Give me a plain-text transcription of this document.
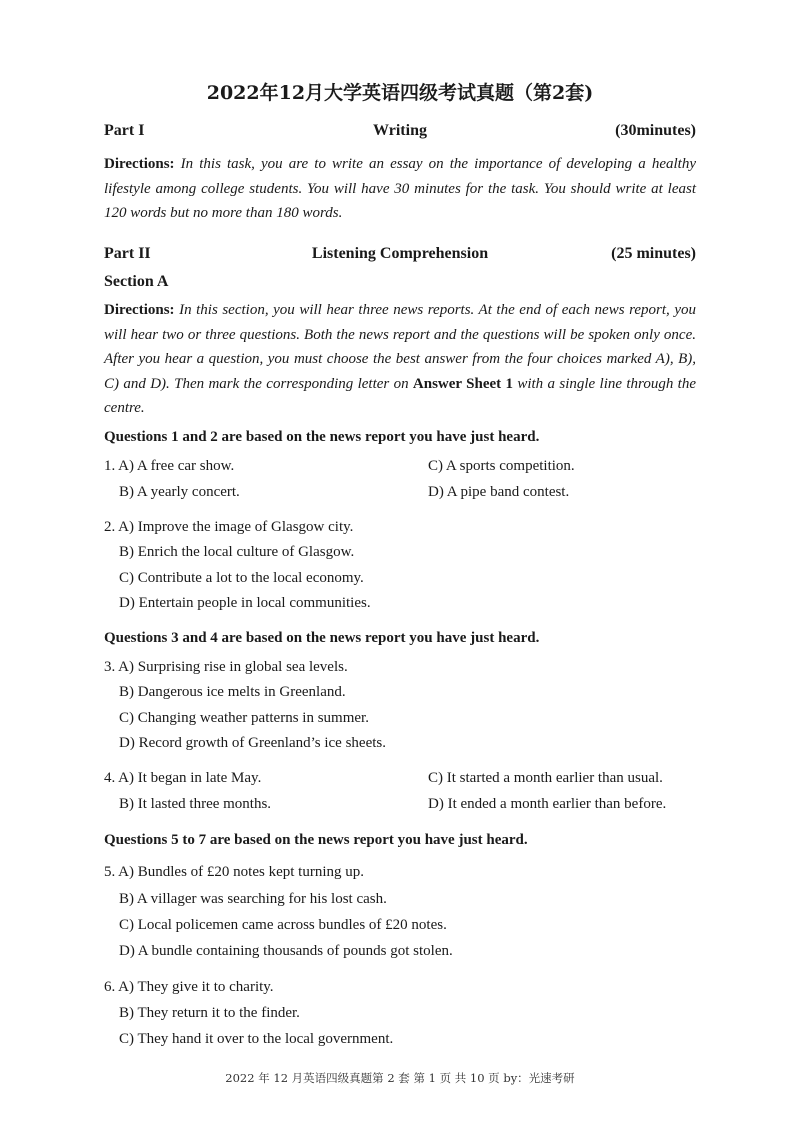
2022年12月大学英语四级考试真题（第2套)
Part I	Writing	(30minutes)
Directions: In this task, you are to write an essay on the importance of developing a healthy lifestyle among college students. You will have 30 minutes for the task. You should write at least 120 words but no more than 180 words.
Part II	Listening Comprehension	(25 minutes)
Section A
Directions: In this section, you will hear three news reports. At the end of each news report, you will hear two or three questions. Both the news report and the questions will be spoken only once. After you hear a question, you must choose the best answer from the four choices marked A), B), C) and D). Then mark the corresponding letter on Answer Sheet 1 with a single line through the centre.
Questions 1 and 2 are based on the news report you have just heard.
1. A) A free car show.	C) A sports competition.
B) A yearly concert.	D) A pipe band contest.
2. A) Improve the image of Glasgow city.
B) Enrich the local culture of Glasgow.
C) Contribute a lot to the local economy.
D) Entertain people in local communities.
Questions 3 and 4 are based on the news report you have just heard.
3. A) Surprising rise in global sea levels.
B) Dangerous ice melts in Greenland.
C) Changing weather patterns in summer.
D) Record growth of Greenland’s ice sheets.
4. A) It began in late May.	C) It started a month earlier than usual.
B) It lasted three months.	D) It ended a month earlier than before.
Questions 5 to 7 are based on the news report you have just heard.
5. A) Bundles of £20 notes kept turning up.
B) A villager was searching for his lost cash.
C) Local policemen came across bundles of £20 notes.
D) A bundle containing thousands of pounds got stolen.
6. A) They give it to charity.
B) They return it to the finder.
C) They hand it over to the local government.
2022 年 12 月英语四级真题第 2 套 第 1 页 共 10 页 by：光速考研
